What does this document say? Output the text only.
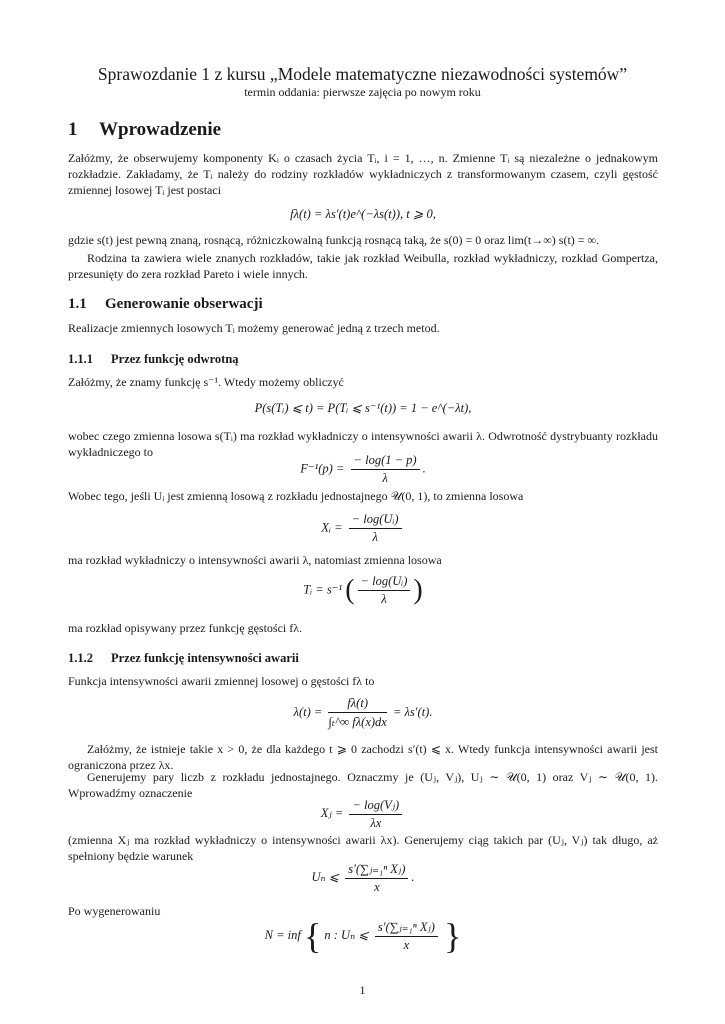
Sprawozdanie 1 z kursu „Modele matematyczne niezawodności systemów”
termin oddania: pierwsze zajęcia po nowym roku
1 Wprowadzenie
Załóżmy, że obserwujemy komponenty Kᵢ o czasach życia Tᵢ, i = 1, …, n. Zmienne Tᵢ są niezależne o jednakowym rozkładzie. Zakładamy, że Tᵢ należy do rodziny rozkładów wykładniczych z transformowanym czasem, czyli gęstość zmiennej losowej Tᵢ jest postaci
fλ(t) = λs′(t)e^(−λs(t)), t ⩾ 0,
gdzie s(t) jest pewną znaną, rosnącą, różniczkowalną funkcją rosnącą taką, że s(0) = 0 oraz lim(t→∞) s(t) = ∞.
Rodzina ta zawiera wiele znanych rozkładów, takie jak rozkład Weibulla, rozkład wykładniczy, rozkład Gompertza, przesunięty do zera rozkład Pareto i wiele innych.
1.1 Generowanie obserwacji
Realizacje zmiennych losowych Tᵢ możemy generować jedną z trzech metod.
1.1.1 Przez funkcję odwrotną
Załóżmy, że znamy funkcję s⁻¹. Wtedy możemy obliczyć
P(s(Tᵢ) ⩽ t) = P(Tᵢ ⩽ s⁻¹(t)) = 1 − e^(−λt),
wobec czego zmienna losowa s(Tᵢ) ma rozkład wykładniczy o intensywności awarii λ. Odwrotność dystrybuanty rozkładu wykładniczego to
$F^{-1}(p) = \frac{- \log(1 - p)}{\lambda}$ .
Wobec tego, jeśli Uᵢ jest zmienną losową z rozkładu jednostajnego 𝒰(0, 1), to zmienna losowa
Xᵢ = $\frac{\text{− log(Uᵢ)}}{\lambda}$
ma rozkład wykładniczy o intensywności awarii λ, natomiast zmienna losowa
Tᵢ = s⁻¹ ( $\frac{\text{− log(Uᵢ)}}{\lambda}$ )
ma rozkład opisywany przez funkcję gęstości fλ.
1.1.2 Przez funkcję intensywności awarii
Funkcja intensywności awarii zmiennej losowej o gęstości fλ to
$\lambda(t) = \frac{f\lambda(t)}{\text{∫ₜ\textasciicircum{}∞ fλ(x)dx}} = \lambda s'(t)$.
Załóżmy, że istnieje takie x > 0, że dla każdego t ⩾ 0 zachodzi s′(t) ⩽ x. Wtedy funkcja intensywności awarii jest ograniczona przez λx.
Generujemy pary liczb z rozkładu jednostajnego. Oznaczmy je (Uⱼ, Vⱼ), Uⱼ ∼ 𝒰(0, 1) oraz Vⱼ ∼ 𝒰(0, 1). Wprowadźmy oznaczenie
Xⱼ = $\frac{\text{− log(Vⱼ)}}{\lambda x}$
(zmienna Xⱼ ma rozkład wykładniczy o intensywności awarii λx). Generujemy ciąg takich par (Uⱼ, Vⱼ) tak długo, aż spełniony będzie warunek
Uₙ ⩽ $\frac{\text{s′(∑ⱼ₌₁ⁿ Xⱼ)}}{x}$ .
Po wygenerowaniu
N = inf { n : Uₙ ⩽ $\frac{\text{s′(∑ⱼ₌₁ⁿ Xⱼ)}}{x}$ }
1
